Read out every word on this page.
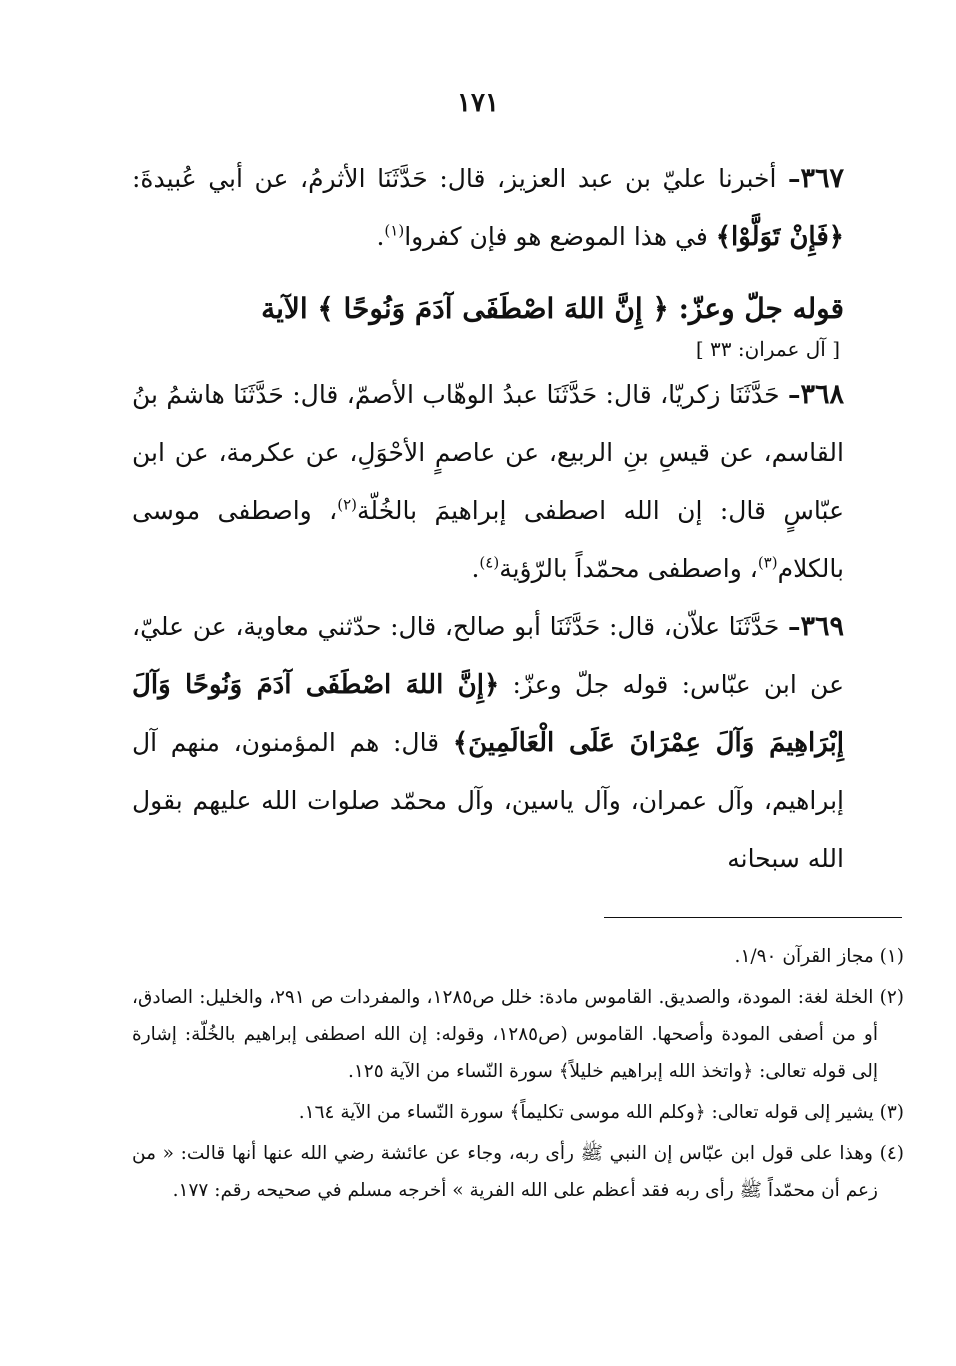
١٧١

٣٦٧– أخبرنا عليّ بن عبد العزيز، قال: حَدَّثَنَا الأثرمُ، عن أبي عُبيدةَ: ﴿فَإِنْ تَوَلَّوْا﴾ في هذا الموضع هو فإن كفروا$^{(١)}$.

قوله جلّ وعزّ: ﴿ إِنَّ اللهَ اصْطَفَى آدَمَ وَنُوحًا ﴾ الآية

[ آل عمران: ٣٣ ]

٣٦٨– حَدَّثَنَا زكريّا، قال: حَدَّثَنَا عبدُ الوهّاب الأصمّ، قال: حَدَّثَنَا هاشمُ بنُ القاسم، عن قيسِ بنِ الربيع، عن عاصمٍ الأحْوَلِ، عن عكرمة، عن ابن عبّاسٍ قال: إن الله اصطفى إبراهيمَ بالخُلّة$^{(٢)}$، واصطفى موسى بالكلام$^{(٣)}$، واصطفى محمّداً بالرّؤية$^{(٤)}$.

٣٦٩– حَدَّثَنَا علاّن، قال: حَدَّثَنَا أبو صالح، قال: حدّثني معاوية، عن عليّ، عن ابن عبّاس: قوله جلّ وعزّ: ﴿إِنَّ اللهَ اصْطَفَى آدَمَ وَنُوحًا وَآلَ إِبْرَاهِيمَ وَآلَ عِمْرَانَ عَلَى الْعَالَمِينَ﴾ قال: هم المؤمنون، منهم آل إبراهيم، وآل عمران، وآل ياسين، وآل محمّد صلوات الله عليهم بقول الله سبحانه

(١) مجاز القرآن ١/٩٠.

(٢) الخلة لغة: المودة، والصديق. القاموس مادة: خلل ص١٢٨٥، والمفردات ص ٢٩١، والخليل: الصادق، أو من أصفى المودة وأصحها. القاموس (ص١٢٨٥، وقوله: إن الله اصطفى إبراهيم بالخُلّة: إشارة إلى قوله تعالى: ﴿واتخذ الله إبراهيم خليلاً﴾ سورة النّساء من الآية ١٢٥.

(٣) يشير إلى قوله تعالى: ﴿وكلم الله موسى تكليماً﴾ سورة النّساء من الآية ١٦٤.

(٤) وهذا على قول ابن عبّاس إن النبي ﷺ رأى ربه، وجاء عن عائشة رضي الله عنها أنها قالت: « من زعم أن محمّداً ﷺ رأى ربه فقد أعظم على الله الفرية » أخرجه مسلم في صحيحه رقم: ١٧٧.
